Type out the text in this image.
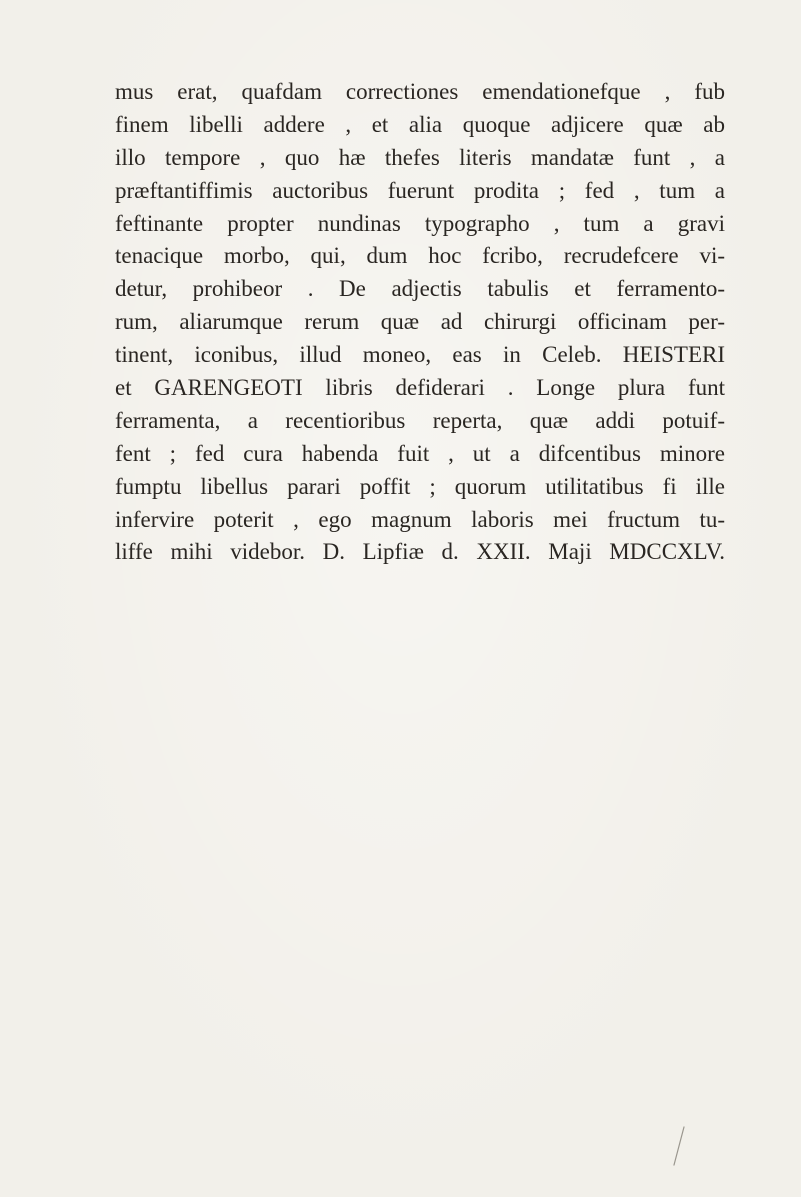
mus erat, quafdam correctiones emendationefque , fub
finem libelli addere , et alia quoque adjicere quæ ab
illo tempore , quo hæ thefes literis mandatæ funt , a
præftantiffimis auctoribus fuerunt prodita ; fed , tum a
feftinante propter nundinas typographo , tum a gravi
tenacique morbo, qui, dum hoc fcribo, recrudefcere vi-
detur, prohibeor . De adjectis tabulis et ferramento-
rum, aliarumque rerum quæ ad chirurgi officinam per-
tinent, iconibus, illud moneo, eas in Celeb. HEISTERI
et GARENGEOTI libris defiderari . Longe plura funt
ferramenta, a recentioribus reperta, quæ addi potuif-
fent ; fed cura habenda fuit , ut a difcentibus minore
fumptu libellus parari poffit ; quorum utilitatibus fi ille
infervire poterit , ego magnum laboris mei fructum tu-
liffe mihi videbor. D. Lipfiæ d. XXII. Maji MDCCXLV.
